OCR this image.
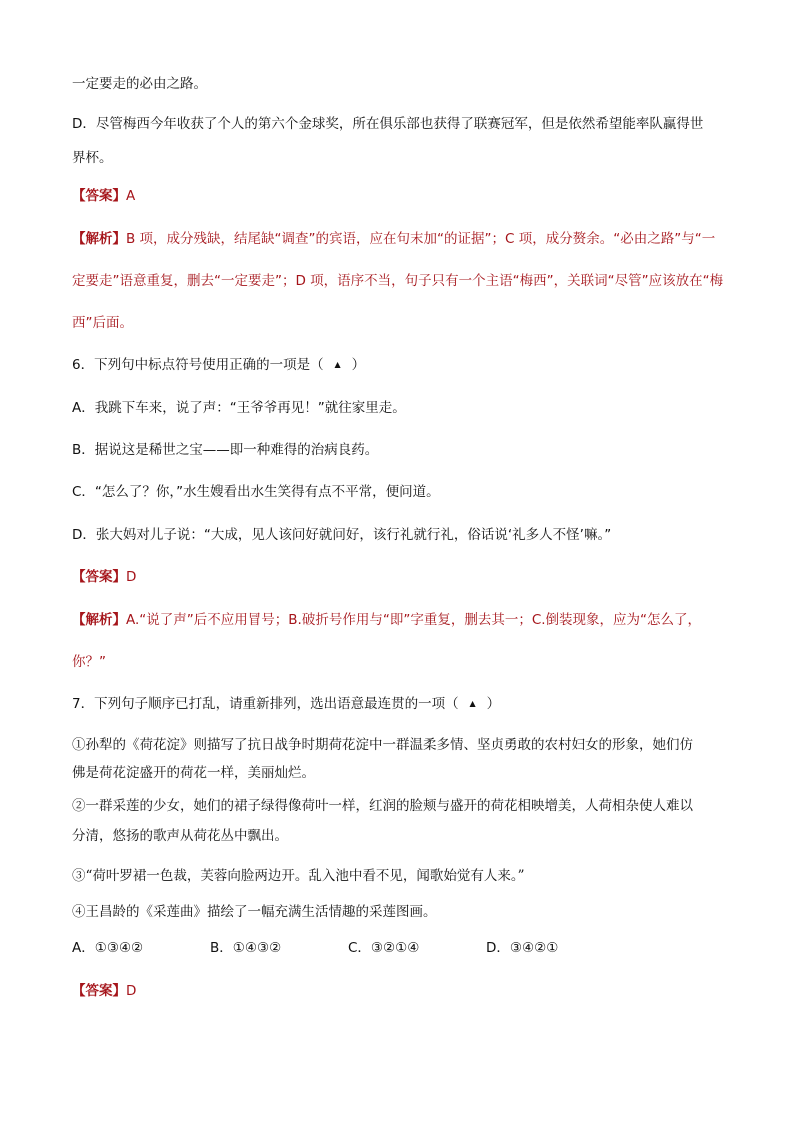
一定要走的必由之路。
D．尽管梅西今年收获了个人的第六个金球奖，所在俱乐部也获得了联赛冠军，但是依然希望能率队赢得世
界杯。
【答案】A
【解析】B 项，成分残缺，结尾缺“调查”的宾语，应在句末加“的证据”；C 项，成分赘余。“必由之路”与“一
定要走”语意重复，删去“一定要走”；D 项，语序不当，句子只有一个主语“梅西”，关联词“尽管”应该放在“梅
西”后面。
6．下列句中标点符号使用正确的一项是（ ▲ ）
A．我跳下车来，说了声：“王爷爷再见！”就往家里走。
B．据说这是稀世之宝——即一种难得的治病良药。
C．“怎么了？你，”水生嫂看出水生笑得有点不平常，便问道。
D．张大妈对儿子说：“大成，见人该问好就问好，该行礼就行礼，俗话说‘礼多人不怪’嘛。”
【答案】D
【解析】A.“说了声”后不应用冒号；B.破折号作用与“即”字重复，删去其一；C.倒装现象，应为“怎么了，
你？”
7．下列句子顺序已打乱，请重新排列，选出语意最连贯的一项（ ▲ ）
①孙犁的《荷花淀》则描写了抗日战争时期荷花淀中一群温柔多情、坚贞勇敢的农村妇女的形象，她们仿
佛是荷花淀盛开的荷花一样，美丽灿烂。
②一群采莲的少女，她们的裙子绿得像荷叶一样，红润的脸颊与盛开的荷花相映增美，人荷相杂使人难以
分清，悠扬的歌声从荷花丛中飘出。
③“荷叶罗裙一色裁，芙蓉向脸两边开。乱入池中看不见，闻歌始觉有人来。”
④王昌龄的《采莲曲》描绘了一幅充满生活情趣的采莲图画。
A．①③④②	B．①④③②	C．③②①④	D．③④②①
【答案】D
